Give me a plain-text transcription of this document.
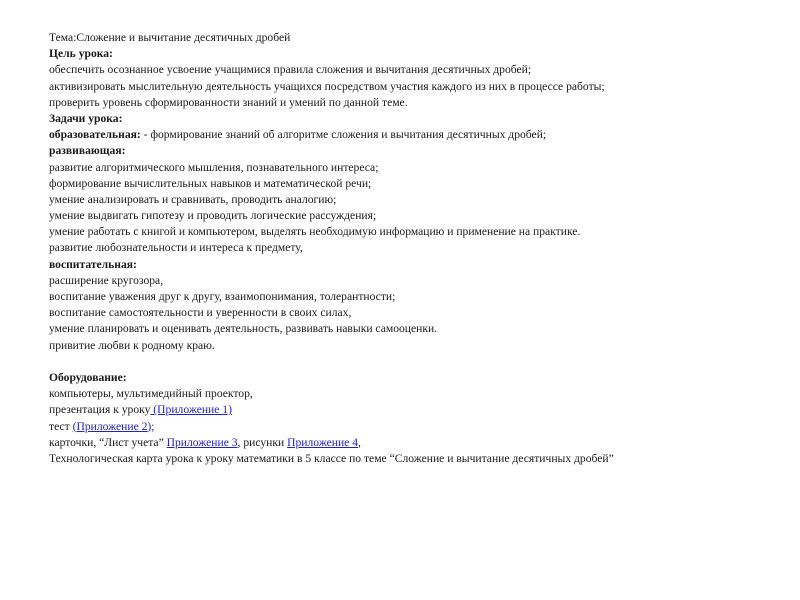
Тема:Сложение и вычитание десятичных дробей
Цель урока:
обеспечить осознанное усвоение учащимися правила сложения и вычитания десятичных дробей;
активизировать мыслительную деятельность учащихся посредством участия каждого из них в процессе работы;
проверить уровень сформированности знаний и умений по данной теме.
Задачи урока:
образовательная: - формирование знаний об алгоритме сложения и вычитания десятичных дробей;
развивающая:
развитие алгоритмического мышления, познавательного интереса;
формирование вычислительных навыков и математической речи;
умение анализировать и сравнивать, проводить аналогию;
умение выдвигать гипотезу и проводить логические рассуждения;
умение работать с книгой и компьютером, выделять необходимую информацию и применение на практике.
развитие любознательности и интереса к предмету,
воспитательная:
расширение кругозора,
воспитание уважения друг к другу, взаимопонимания, толерантности;
воспитание самостоятельности и уверенности в своих силах,
умение планировать и оценивать деятельность, развивать навыки самооценки.
привитие любви к родному краю.
Оборудование:
компьютеры, мультимедийный проектор,
презентация к уроку (Приложение 1)
тест (Приложение 2);
карточки, “Лист учета” Приложение 3, рисунки Приложение 4,
Технологическая карта урока к уроку математики в 5 классе по теме “Сложение и вычитание десятичных дробей”
